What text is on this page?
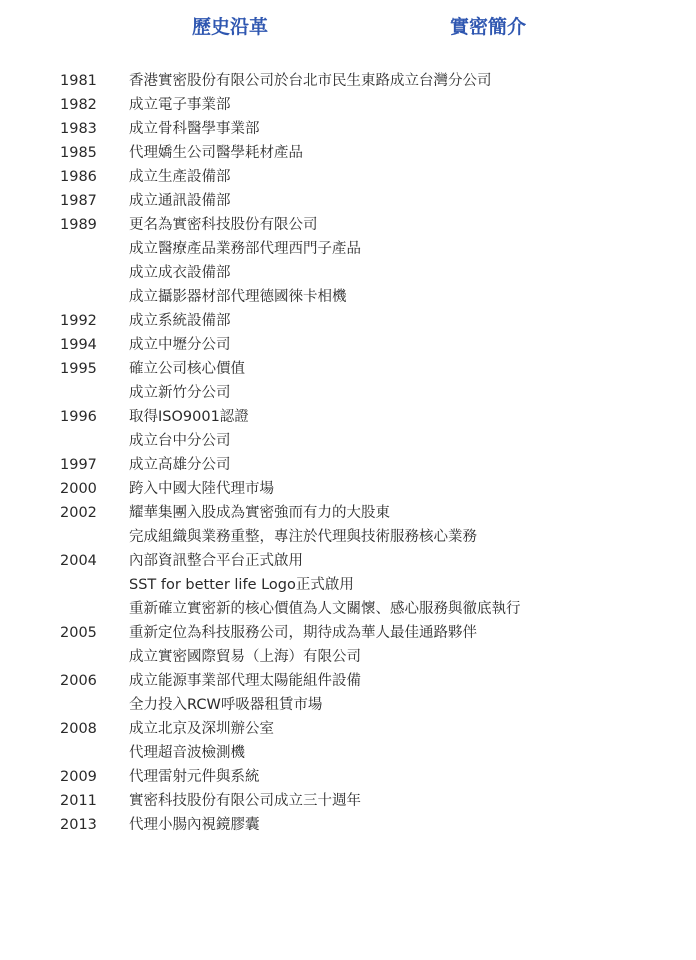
歷史沿革	實密簡介
1981	香港實密股份有限公司於台北市民生東路成立台灣分公司
1982	成立電子事業部
1983	成立骨科醫學事業部
1985	代理嬌生公司醫學耗材產品
1986	成立生產設備部
1987	成立通訊設備部
1989	更名為實密科技股份有限公司
成立醫療產品業務部代理西門子產品
成立成衣設備部
成立攝影器材部代理德國徠卡相機
1992	成立系統設備部
1994	成立中壢分公司
1995	確立公司核心價值
成立新竹分公司
1996	取得ISO9001認證
成立台中分公司
1997	成立高雄分公司
2000	跨入中國大陸代理市場
2002	耀華集團入股成為實密強而有力的大股東
完成組織與業務重整，專注於代理與技術服務核心業務
2004	內部資訊整合平台正式啟用
SST for better life Logo正式啟用
重新確立實密新的核心價值為人文關懷、感心服務與徹底執行
2005	重新定位為科技服務公司，期待成為華人最佳通路夥伴
成立實密國際貿易（上海）有限公司
2006	成立能源事業部代理太陽能組件設備
全力投入RCW呼吸器租賃市場
2008	成立北京及深圳辦公室
代理超音波檢測機
2009	代理雷射元件與系統
2011	實密科技股份有限公司成立三十週年
2013	代理小腸內視鏡膠囊
